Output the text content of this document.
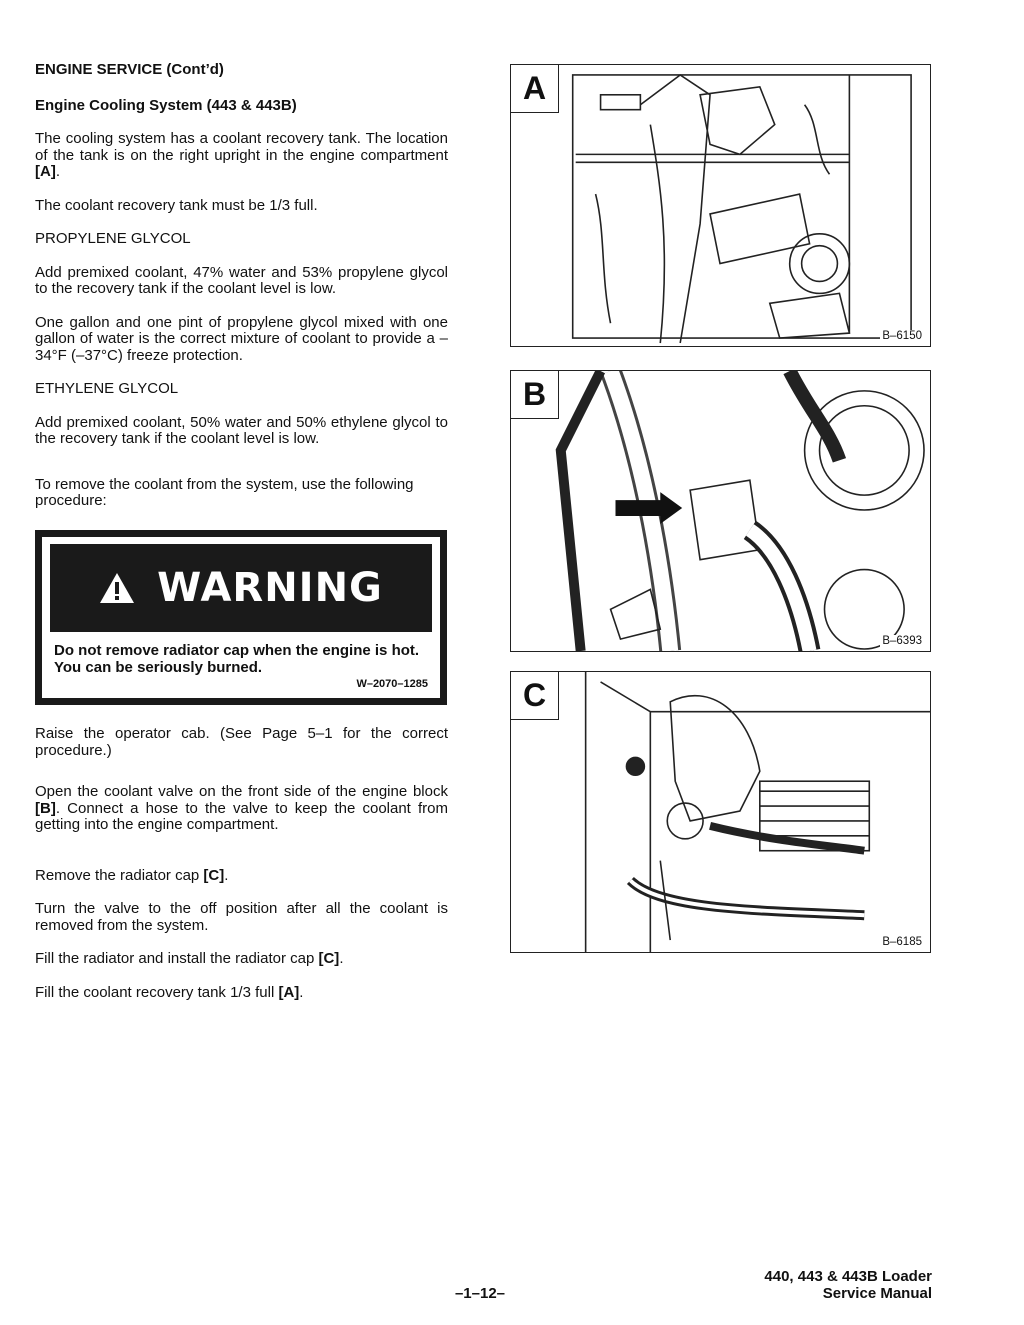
ENGINE SERVICE (Cont’d)

Engine Cooling System (443 & 443B)

The cooling system has a coolant recovery tank. The location of the tank is on the right upright in the engine compartment [A].

The coolant recovery tank must be 1/3 full.

PROPYLENE GLYCOL

Add premixed coolant, 47% water and 53% propylene glycol to the recovery tank if the coolant level is low.

One gallon and one pint of propylene glycol mixed with one gallon of water is the correct mixture of coolant to provide a –34°F (–37°C) freeze protection.

ETHYLENE GLYCOL

Add premixed coolant, 50% water and 50% ethylene glycol to the recovery tank if the coolant level is low.

To remove the coolant from the system, use the following procedure:

WARNING
Do not remove radiator cap when the engine is hot. You can be seriously burned.
W–2070–1285

Raise the operator cab. (See Page 5–1 for the correct procedure.)

Open the coolant valve on the front side of the engine block [B]. Connect a hose to the valve to keep the coolant from getting into the engine compartment.

Remove the radiator cap [C].

Turn the valve to the off position after all the coolant is removed from the system.

Fill the radiator and install the radiator cap [C].

Fill the coolant recovery tank 1/3 full [A].

A
B–6150
B
B–6393
C
B–6185
–1–12–
440, 443 & 443B Loader
Service Manual
